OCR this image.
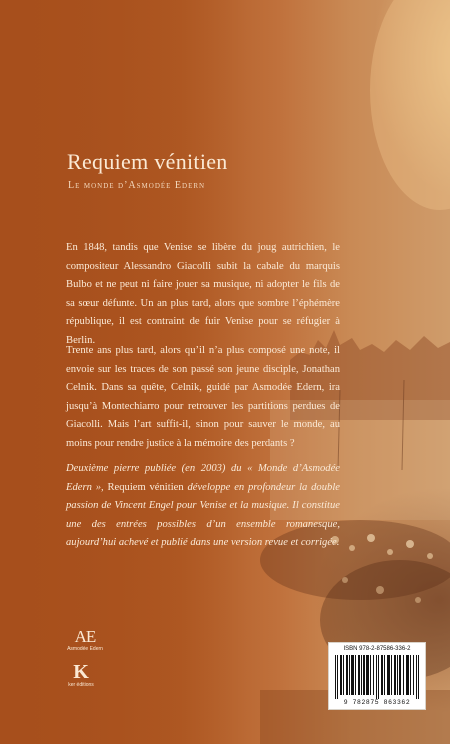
Requiem vénitien

Le monde d’Asmodée Edern

En 1848, tandis que Venise se libère du joug autrichien, le compositeur Alessandro Giacolli subit la cabale du marquis Bulbo et ne peut ni faire jouer sa musique, ni adopter le fils de sa sœur défunte. Un an plus tard, alors que sombre l’éphémère république, il est contraint de fuir Venise pour se réfugier à Berlin.

Trente ans plus tard, alors qu’il n’a plus composé une note, il envoie sur les traces de son passé son jeune disciple, Jonathan Celnik. Dans sa quête, Celnik, guidé par Asmodée Edern, ira jusqu’à Montechiarro pour retrouver les partitions perdues de Giacolli. Mais l’art suffit-il, sinon pour sauver le monde, au moins pour rendre justice à la mémoire des perdants ?

Deuxième pierre publiée (en 2003) du « Monde d’Asmodée Edern », Requiem vénitien développe en profondeur la double passion de Vincent Engel pour Venise et la musique. Il constitue une des entrées possibles d’un ensemble romanesque, aujourd’hui achevé et publié dans une version revue et corrigée.

AE
Asmodée Edern
K
ker éditions
ISBN 978-2-87586-336-2
9 782875 863362
